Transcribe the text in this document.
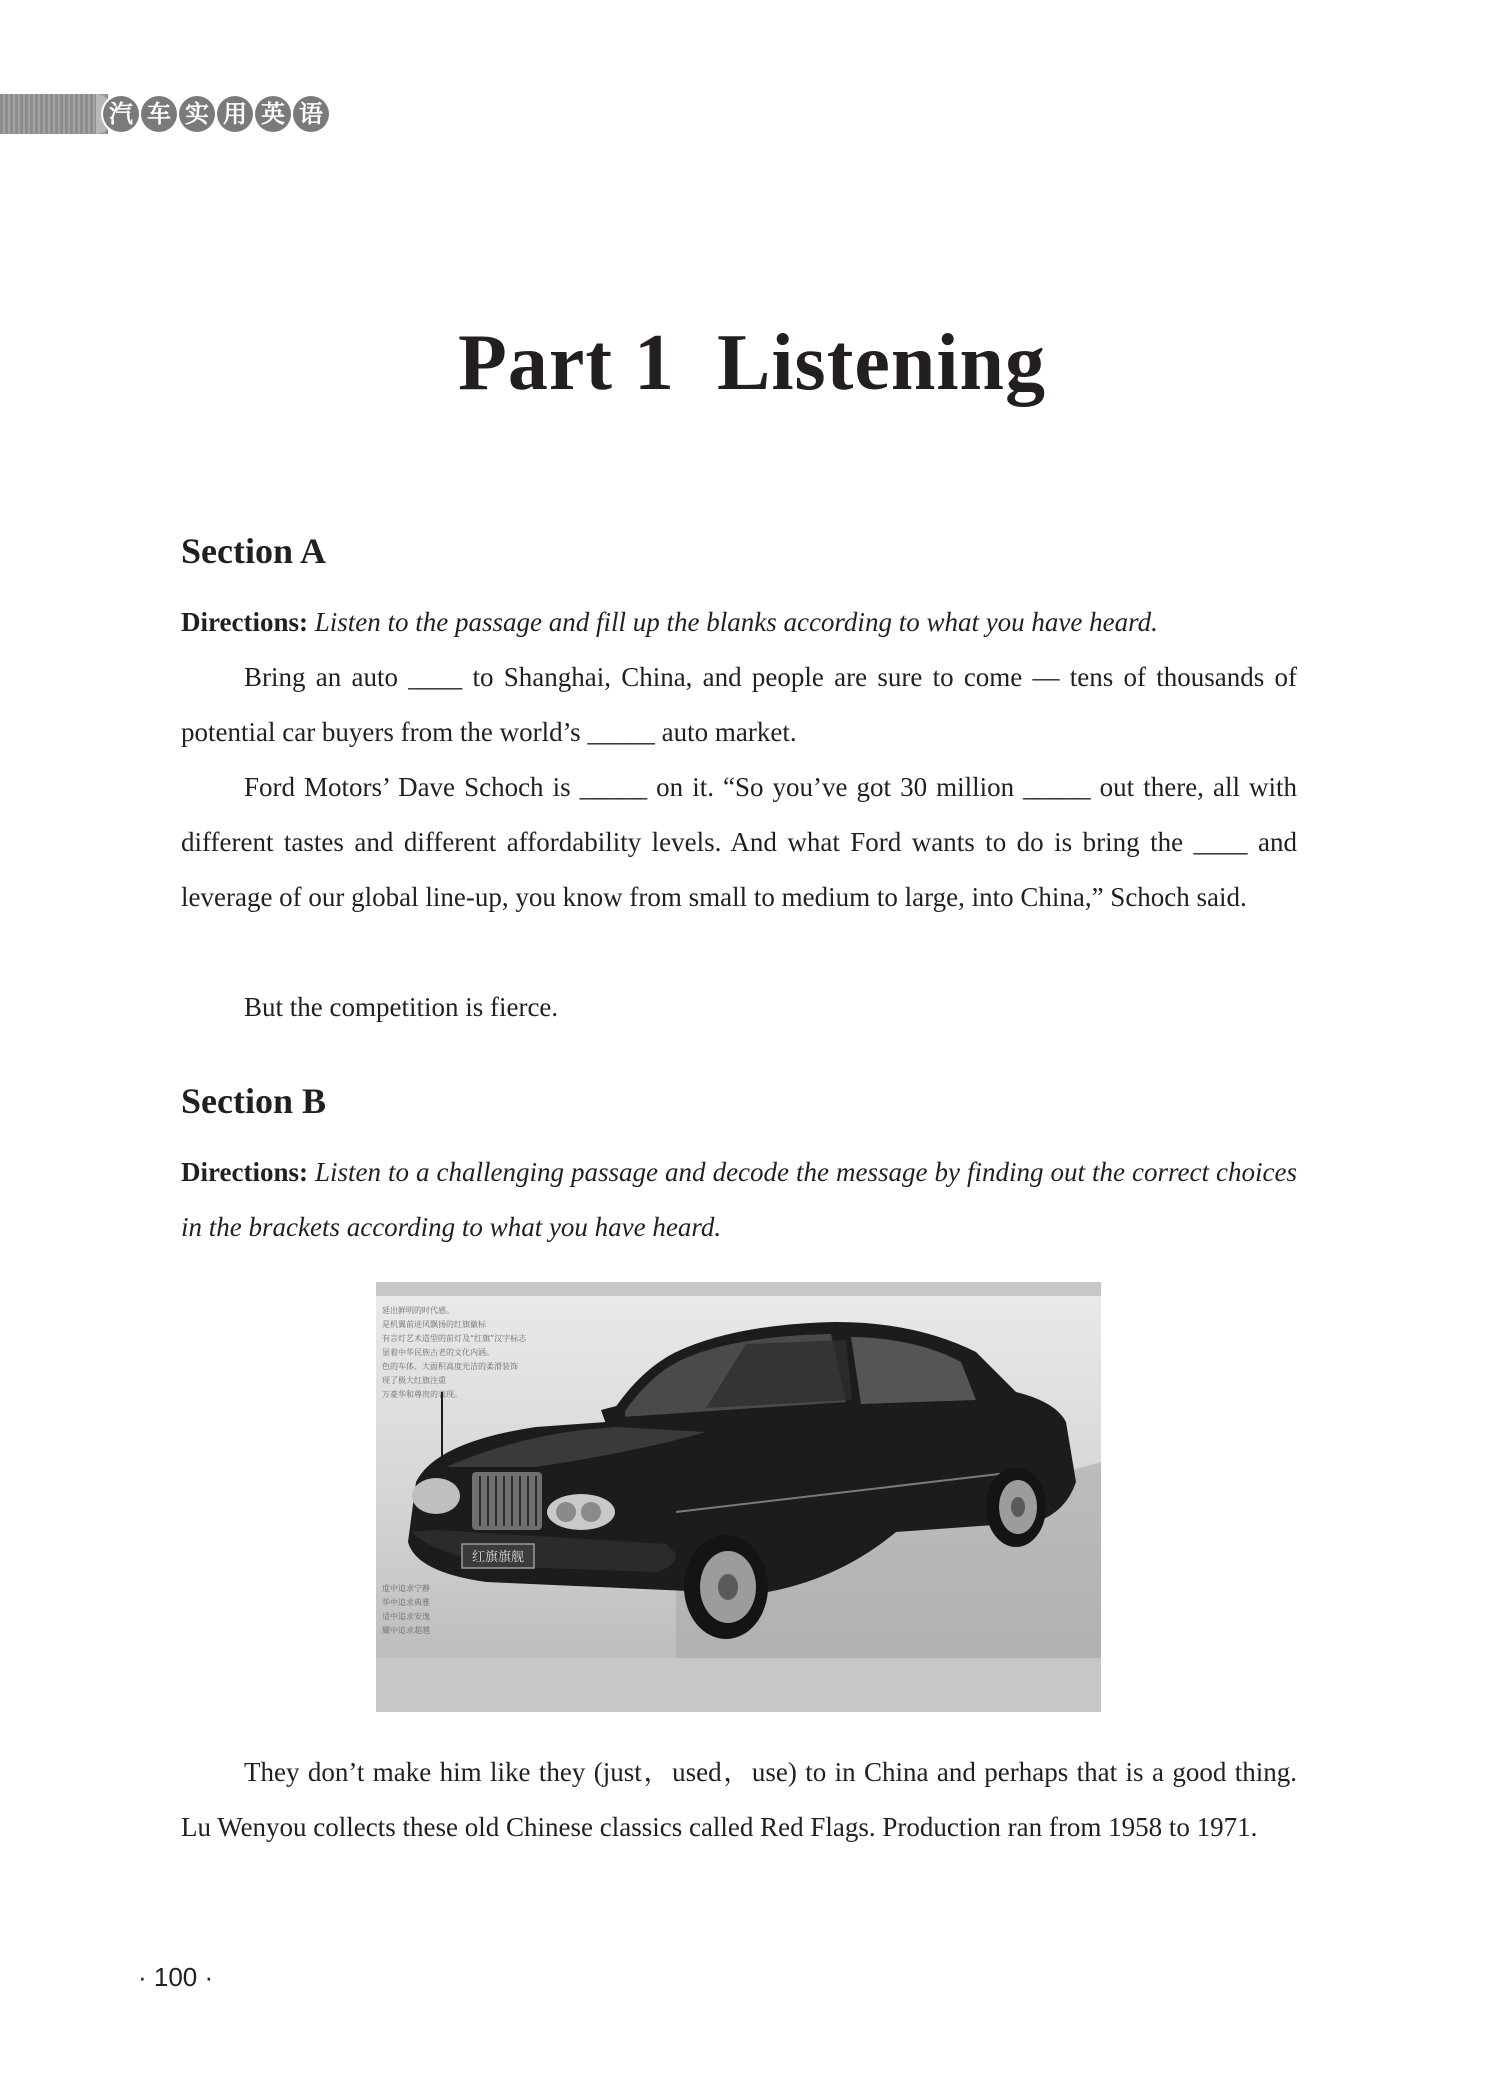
汽 车 实 用 英 语
Part 1  Listening
Section A

Directions: Listen to the passage and fill up the blanks according to what you have heard.

Bring an auto ____ to Shanghai, China, and people are sure to come — tens of thousands of potential car buyers from the world’s _____ auto market.

Ford Motors’ Dave Schoch is _____ on it. “So you’ve got 30 million _____ out there, all with different tastes and different affordability levels. And what Ford wants to do is bring the ____ and leverage of our global line-up, you know from small to medium to large, into China,” Schoch said.

But the competition is fierce.

Section B

Directions: Listen to a challenging passage and decode the message by finding out the correct choices in the brackets according to what you have heard.

延出鲜明的时代感。
是机翼前进风飘扬的红旗徽标
有言灯艺术造型的前灯及“红旗”汉字标志
显着中华民族古老的文化内涵。
色的车体、大面积高度光洁的柔滑装饰
现了极大红旗注重
万豪华和尊贵的表现。
度中追求宁静
华中追求典雅
适中追求安逸
耀中追求超越
红旗旗舰

They don’t make him like they (just，used，use) to in China and perhaps that is a good thing. Lu Wenyou collects these old Chinese classics called Red Flags. Production ran from 1958 to 1971.

· 100 ·
